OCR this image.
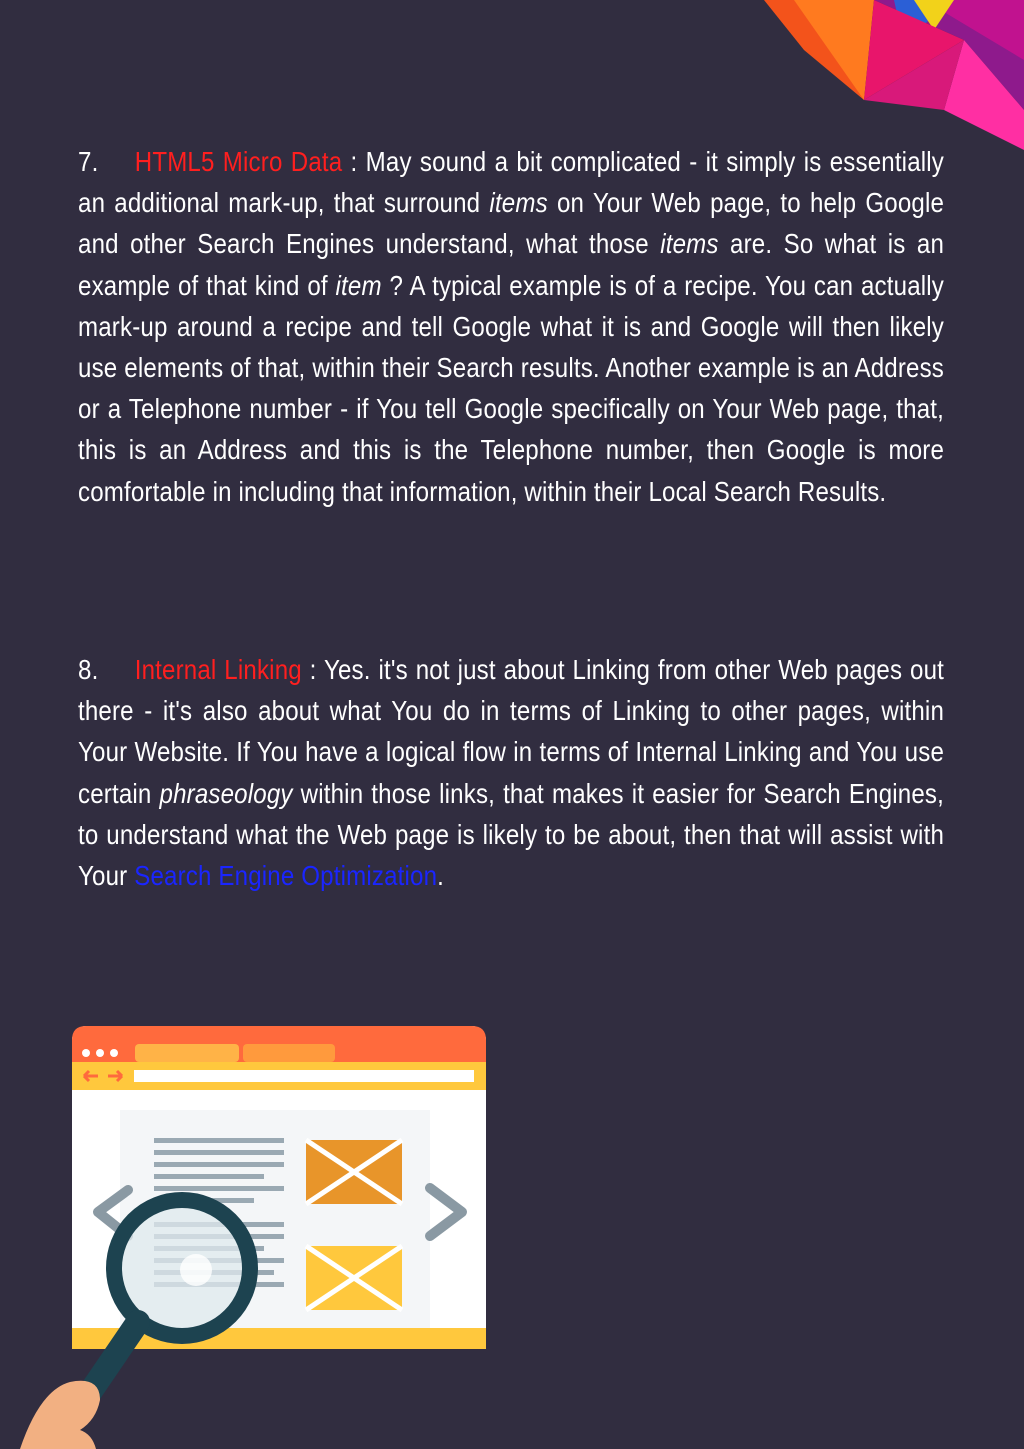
7. HTML5 Micro Data : May sound a bit complicated - it simply is essentially an additional mark-up, that surround items on Your Web page, to help Google and other Search Engines understand, what those items are. So what is an example of that kind of item ? A typical example is of a recipe. You can actually mark-up around a recipe and tell Google what it is and Google will then likely use elements of that, within their Search results. Another example is an Address or a Telephone number - if You tell Google specifically on Your Web page, that, this is an Address and this is the Telephone number, then Google is more comfortable in including that information, within their Local Search Results.
8. Internal Linking : Yes. it's not just about Linking from other Web pages out there - it's also about what You do in terms of Linking to other pages, within Your Website. If You have a logical flow in terms of Internal Linking and You use certain phraseology within those links, that makes it easier for Search Engines, to understand what the Web page is likely to be about, then that will assist with Your Search Engine Optimization.
